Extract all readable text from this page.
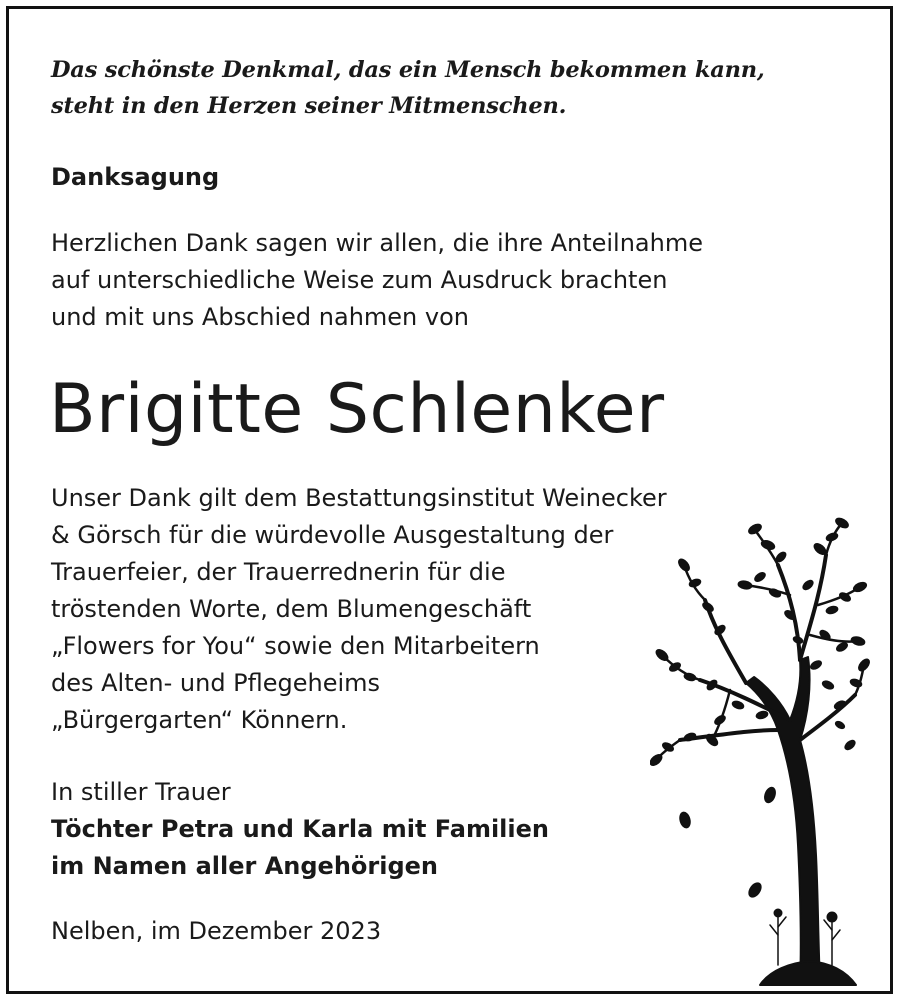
Das schönste Denkmal, das ein Mensch bekommen kann,
steht in den Herzen seiner Mitmenschen.

Danksagung

Herzlichen Dank sagen wir allen, die ihre Anteilnahme
auf unterschiedliche Weise zum Ausdruck brachten
und mit uns Abschied nahmen von

Brigitte Schlenker

Unser Dank gilt dem Bestattungsinstitut Weinecker
& Görsch für die würdevolle Ausgestaltung der
Trauerfeier, der Trauerrednerin für die
tröstenden Worte, dem Blumengeschäft
„Flowers for You“ sowie den Mitarbeitern
des Alten- und Pflegeheims
„Bürgergarten“ Könnern.

In stiller Trauer

Töchter Petra und Karla mit Familien
im Namen aller Angehörigen

Nelben, im Dezember 2023
